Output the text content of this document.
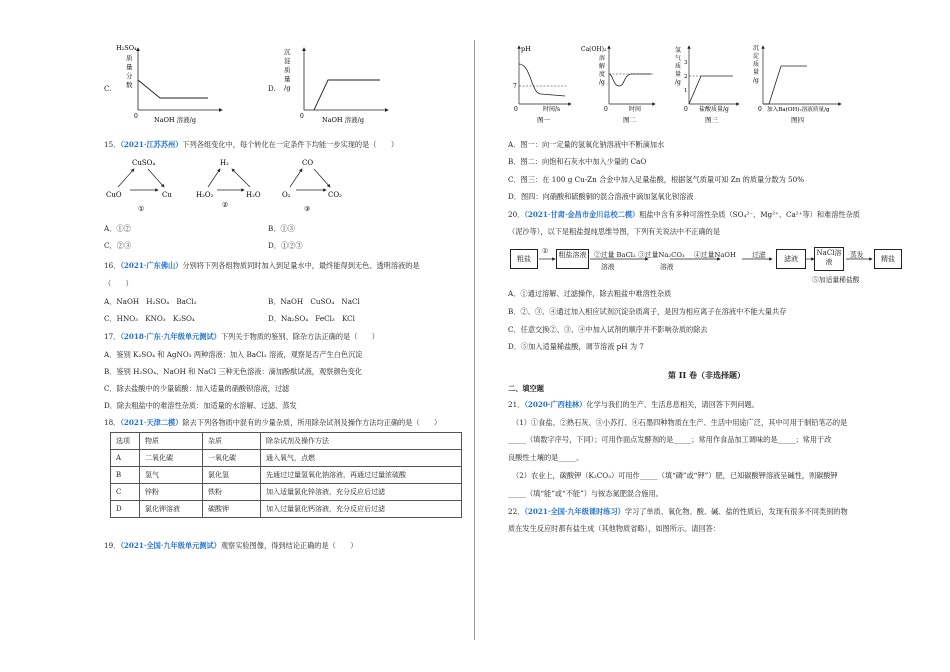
C.
H₂SO₄
质
量
分
数
0 NaOH 溶液/g
D.
沉
淀
质
量
/g
0	NaOH 溶液/g
15．（2021·江苏苏州）下列各组变化中，每个转化在一定条件下均能一步实现的是（　　）
CuSO₄
CuO	Cu
①
H₂
H₂O₂	H₂O
②
CO
O₂	CO₂
③
A．①②	B．①③
C．②③	D．①②③
16．（2021·广东佛山）分别将下列各组物质同时加入到足量水中，最终能得到无色、透明溶液的是
（　　）
A．NaOH　H₂SO₄　BaCl₂	B．NaOH　CuSO₄　NaCl
C．HNO₃　KNO₃　K₂SO₄	D．Na₂SO₄　FeCl₃　KCl
17．（2018·广东·九年级单元测试）下列关于物质的鉴别、除杂方法正确的是（　　）
A．鉴别 K₂SO₄ 和 AgNO₃ 两种溶液：加入 BaCl₂ 溶液，观察是否产生白色沉淀
B．鉴别 H₂SO₄、NaOH 和 NaCl 三种无色溶液：滴加酚酞试液，观察颜色变化
C．除去盐酸中的少量硫酸：加入适量的硝酸钡溶液，过滤
D．除去粗盐中的难溶性杂质：加适量的水溶解、过滤、蒸发
18．（2021·天津二模）除去下列各物质中混有的少量杂质，所用除杂试剂及操作方法均正确的是（　　）
选项	物质	杂质	除杂试剂及操作方法
A	二氧化碳	一氧化碳	通入氧气，点燃
B	氢气	氯化氢	先通过过量氢氧化钠溶液，再通过过量浓硫酸
C	锌粉	铁粉	加入适量氯化锌溶液，充分反应后过滤
D	氯化钾溶液	碳酸钾	加入过量氯化钙溶液，充分反应后过滤
19．（2021·全国·九年级单元测试）观察实验图像，得到结论正确的是（　　）
pH
7
0	时间/s
图一
Ca(OH)₂
溶
解
度
/g
0	时间
图二
氢
气
质
量
/g
3
2
1
0 盐酸质量/g
图三
沉
淀
质
量
/g
0 加入Ba(OH)₂溶液质量/g
图四
A．图一：向一定量的氢氧化钠溶液中不断滴加水
B．图二：向饱和石灰水中加入少量的 CaO
C．图三：在 100 g Cu-Zn 合金中加入足量盐酸，根据氢气质量可知 Zn 的质量分数为 50%
D．图四：向硝酸和硫酸铜的混合溶液中滴加氢氧化钡溶液
20．（2021·甘肃·金昌市金川总校二模）粗盐中含有多种可溶性杂质（SO₄²⁻、Mg²⁺、Ca²⁺等）和难溶性杂质
（泥沙等），以下是粗盐提纯思维导图，下列有关说法中不正确的是
粗盐
①	粗盐溶液	②过量 BaCl₂
溶液
③过量Na₂CO₃
溶液
④过量NaOH 过滤	滤液
NaCl溶液
蒸发	精盐
⑤加适量稀盐酸
A．①通过溶解、过滤操作，除去粗盐中难溶性杂质
B．②、③、④通过加入相应试剂沉淀杂质离子，是因为相应离子在溶液中不能大量共存
C．任意交换②、③、④中加入试剂的顺序并不影响杂质的除去
D．⑤加入适量稀盐酸，调节溶液 pH 为 7
第 II 卷（非选择题）
二、填空题
21．（2020·广西桂林）化学与我们的生产、生活息息相关，请回答下列问题。
（1）①食盐、②熟石灰、③小苏打、④石墨四种物质在生产、生活中用途广泛，其中可用于制铅笔芯的是
_____（填数字序号，下同）；可用作面点发酵剂的是_____；常用作食品加工调味的是_____；常用于改
良酸性土壤的是_____。
（2）农业上，碳酸钾（K₂CO₃）可用作_____（填“磷”或“钾”）肥，已知碳酸钾溶液呈碱性，则碳酸钾
_____（填“能”或“不能”）与铵态氮肥混合施用。
22．（2021·全国·九年级课时练习）学习了单质、氧化物、酸、碱、盐的性质后，发现有很多不同类别的物
质在发生反应时都有盐生成（其他物质省略），如图所示。请回答：
